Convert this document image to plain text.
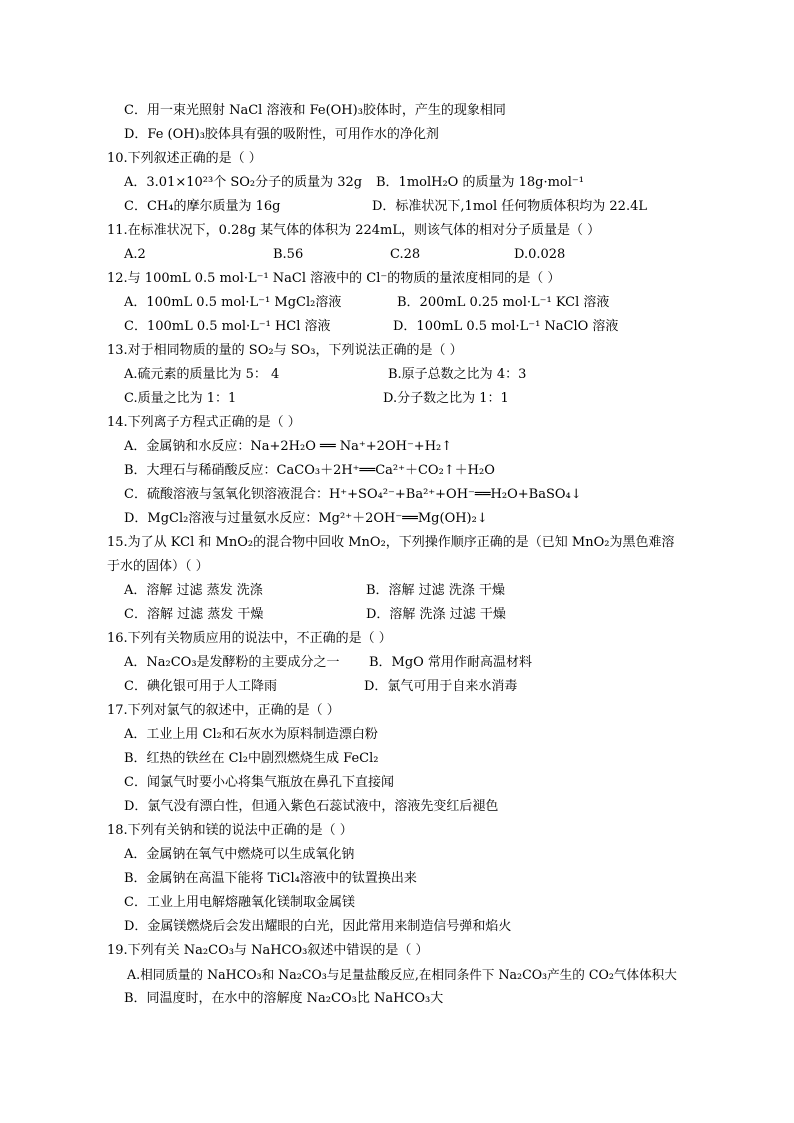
C．用一束光照射 NaCl 溶液和 Fe(OH)₃胶体时，产生的现象相同
D．Fe (OH)₃胶体具有强的吸附性，可用作水的净化剂
10.下列叙述正确的是（ ）
A．3.01×10²³个 SO₂分子的质量为 32g B．1molH₂O 的质量为 18g·mol⁻¹
C．CH₄的摩尔质量为 16g	D．标准状况下,1mol 任何物质体积均为 22.4L
11.在标准状况下，0.28g 某气体的体积为 224mL，则该气体的相对分子质量是（ ）
A.2	B.56	C.28	D.0.028
12.与 100mL 0.5 mol·L⁻¹ NaCl 溶液中的 Cl⁻的物质的量浓度相同的是（ ）
A．100mL 0.5 mol·L⁻¹ MgCl₂溶液	B．200mL 0.25 mol·L⁻¹ KCl 溶液
C．100mL 0.5 mol·L⁻¹ HCl 溶液	D．100mL 0.5 mol·L⁻¹ NaClO 溶液
13.对于相同物质的量的 SO₂与 SO₃，下列说法正确的是（ ）
A.硫元素的质量比为 5： 4	B.原子总数之比为 4：3
C.质量之比为 1：1	D.分子数之比为 1：1
14.下列离子方程式正确的是（ ）
A．金属钠和水反应：Na+2H₂O ══ Na⁺+2OH⁻+H₂↑
B．大理石与稀硝酸反应：CaCO₃＋2H⁺══Ca²⁺＋CO₂↑＋H₂O
C．硫酸溶液与氢氧化钡溶液混合：H⁺+SO₄²⁻+Ba²⁺+OH⁻══H₂O+BaSO₄↓
D．MgCl₂溶液与过量氨水反应：Mg²⁺＋2OH⁻══Mg(OH)₂↓
15.为了从 KCl 和 MnO₂的混合物中回收 MnO₂，下列操作顺序正确的是（已知 MnO₂为黑色难溶
于水的固体）（ ）
A．溶解 过滤 蒸发 洗涤	B．溶解 过滤 洗涤 干燥
C．溶解 过滤 蒸发 干燥	D．溶解 洗涤 过滤 干燥
16.下列有关物质应用的说法中，不正确的是（ ）
A．Na₂CO₃是发酵粉的主要成分之一 B．MgO 常用作耐高温材料
C．碘化银可用于人工降雨	D．氯气可用于自来水消毒
17.下列对氯气的叙述中，正确的是（ ）
A．工业上用 Cl₂和石灰水为原料制造漂白粉
B．红热的铁丝在 Cl₂中剧烈燃烧生成 FeCl₂
C．闻氯气时要小心将集气瓶放在鼻孔下直接闻
D．氯气没有漂白性，但通入紫色石蕊试液中，溶液先变红后褪色
18.下列有关钠和镁的说法中正确的是（ ）
A．金属钠在氧气中燃烧可以生成氧化钠
B．金属钠在高温下能将 TiCl₄溶液中的钛置换出来
C．工业上用电解熔融氧化镁制取金属镁
D．金属镁燃烧后会发出耀眼的白光，因此常用来制造信号弹和焰火
19.下列有关 Na₂CO₃与 NaHCO₃叙述中错误的是（ ）
A.相同质量的 NaHCO₃和 Na₂CO₃与足量盐酸反应,在相同条件下 Na₂CO₃产生的 CO₂气体体积大
B．同温度时，在水中的溶解度 Na₂CO₃比 NaHCO₃大
